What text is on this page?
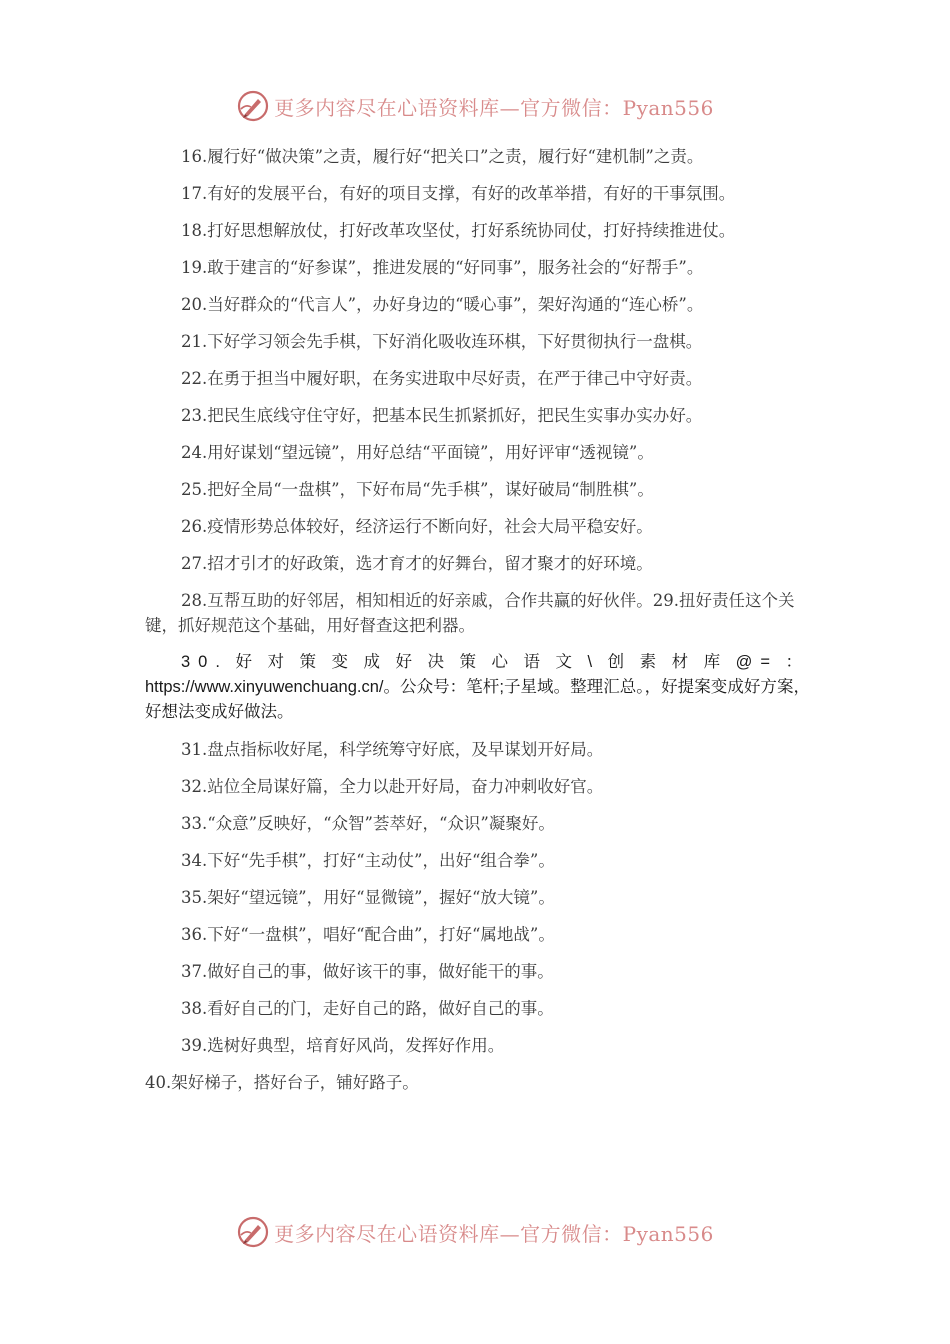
更多内容尽在心语资料库—官方微信：Pyan556

16.履行好“做决策”之责，履行好“把关口”之责，履行好“建机制”之责。

17.有好的发展平台，有好的项目支撑，有好的改革举措，有好的干事氛围。

18.打好思想解放仗，打好改革攻坚仗，打好系统协同仗，打好持续推进仗。

19.敢于建言的“好参谋”，推进发展的“好同事”，服务社会的“好帮手”。

20.当好群众的“代言人”，办好身边的“暖心事”，架好沟通的“连心桥”。

21.下好学习领会先手棋，下好消化吸收连环棋，下好贯彻执行一盘棋。

22.在勇于担当中履好职，在务实进取中尽好责，在严于律己中守好责。

23.把民生底线守住守好，把基本民生抓紧抓好，把民生实事办实办好。

24.用好谋划“望远镜”，用好总结“平面镜”，用好评审“透视镜”。

25.把好全局“一盘棋”，下好布局“先手棋”，谋好破局“制胜棋”。

26.疫情形势总体较好，经济运行不断向好，社会大局平稳安好。

27.招才引才的好政策，选才育才的好舞台，留才聚才的好环境。

28.互帮互助的好邻居，相知相近的好亲戚，合作共赢的好伙伴。29.扭好责任这个关键，抓好规范这个基础，用好督查这把利器。

30.好对策变成好决策心语文\创素材库@=： https://www.xinyuwenchuang.cn/。公众号：笔杆;子星域。整理汇总。，好提案变成好方案，好想法变成好做法。

31.盘点指标收好尾，科学统筹守好底，及早谋划开好局。

32.站位全局谋好篇，全力以赴开好局，奋力冲刺收好官。

33.“众意”反映好，“众智”荟萃好，“众识”凝聚好。

34.下好“先手棋”，打好“主动仗”，出好“组合拳”。

35.架好“望远镜”，用好“显微镜”，握好“放大镜”。

36.下好“一盘棋”，唱好“配合曲”，打好“属地战”。

37.做好自己的事，做好该干的事，做好能干的事。

38.看好自己的门，走好自己的路，做好自己的事。

39.选树好典型，培育好风尚，发挥好作用。

40.架好梯子，搭好台子，铺好路子。

更多内容尽在心语资料库—官方微信：Pyan556
